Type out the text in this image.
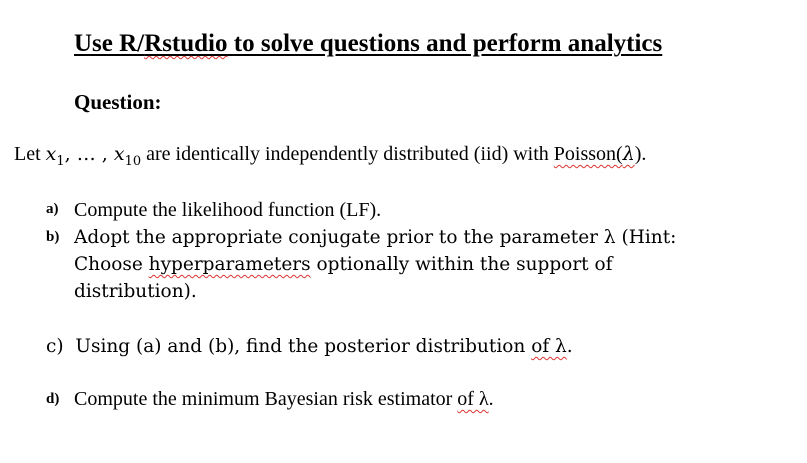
Use R/Rstudio to solve questions and perform analytics
Question:
Let $x_1$, … , $x_{10}$ are identically independently distributed (iid) with Poisson(λ).
a) Compute the likelihood function (LF).
b) Adopt the appropriate conjugate prior to the parameter λ (Hint:
Choose hyperparameters optionally within the support of
distribution).
c) Using (a) and (b), find the posterior distribution of λ.
d) Compute the minimum Bayesian risk estimator of λ.
